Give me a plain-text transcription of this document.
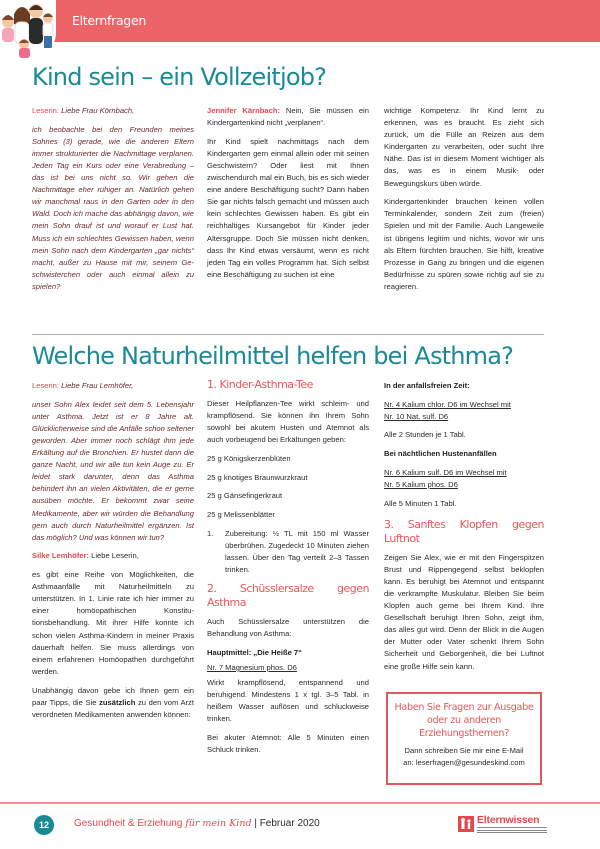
Elternfragen
Kind sein – ein Vollzeitjob?

Leserin: Liebe Frau Körnbach,

ich beobachte bei den Freunden meines Sohnes (3) gerade, wie die anderen Eltern immer strukturierter die Nachmittage verplanen. Jeden Tag ein Kurs oder eine Verabredung – das ist bei uns nicht so. Wir gehen die Nachmittage eher ruhiger an. Natürlich gehen wir manchmal raus in den Garten oder in den Wald. Doch ich mache das abhängig davon, wie mein Sohn drauf ist und worauf er Lust hat. Muss ich ein schlechtes Gewissen haben, wenn mein Sohn nach dem Kindergarten „gar nichts“ macht, außer zu Hause mit mir, seinem Geschwisterchen oder auch einmal allein zu spielen?

Jennifer Kärnbach: Nein, Sie müssen ein Kindergartenkind nicht „verplanen“.

Ihr Kind spielt nachmittags nach dem Kindergarten gern einmal allein oder mit seinen Geschwistern? Oder liest mit Ihnen zwischendurch mal ein Buch, bis es sich wieder eine andere Beschäftigung sucht? Dann haben Sie gar nichts falsch gemacht und müssen auch kein schlechtes Gewissen haben. Es gibt ein reichhaltiges Kursangebot für Kinder jeder Altersgruppe. Doch Sie müssen nicht denken, dass Ihr Kind etwas versäumt, wenn es nicht jeden Tag ein volles Programm hat. Sich selbst eine Beschäftigung zu suchen ist eine

wichtige Kompetenz. Ihr Kind lernt zu erkennen, was es braucht. Es zieht sich zurück, um die Fülle an Reizen aus dem Kindergarten zu verarbeiten, oder sucht Ihre Nähe. Das ist in diesem Moment wichtiger als das, was es in einem Musik- oder Bewegungskurs üben würde.

Kindergartenkinder brauchen keinen vollen Terminkalender, sondern Zeit zum (freien) Spielen und mit der Familie. Auch Langeweile ist übrigens legitim und nichts, wovor wir uns als Eltern fürchten brauchen. Sie hilft, kreative Prozesse in Gang zu bringen und die eigenen Bedürfnisse zu spüren sowie richtig auf sie zu reagieren.

Welche Naturheilmittel helfen bei Asthma?

Leserin: Liebe Frau Lemhöfer,

unser Sohn Alex leidet seit dem 5. Lebensjahr unter Asthma. Jetzt ist er 8 Jahre alt. Glücklicherweise sind die Anfälle schon seltener geworden. Aber immer noch schlägt ihm jede Erkältung auf die Bronchien. Er hustet dann die ganze Nacht, und wir alle tun kein Auge zu. Er leidet stark darunter, denn das Asthma behindert ihn an vielen Aktivitäten, die er gerne ausüben möchte. Er bekommt zwar seine Medikamente, aber wir würden die Behandlung gern auch durch Naturheilmittel ergänzen. Ist das möglich? Und was können wir tun?

Silke Lemhöfer: Liebe Leserin,

es gibt eine Reihe von Möglichkeiten, die Asthmaanfälle mit Naturheilmitteln zu unterstützen. In 1. Linie rate ich hier immer zu einer homöopathischen Konstitutionsbehandlung. Mit ihrer Hilfe konnte ich schon vielen Asthma-Kindern in meiner Praxis dauerhaft helfen. Sie muss allerdings von einem erfahrenen Homöopathen durchgeführt werden.

Unabhängig davon gebe ich Ihnen gern ein paar Tipps, die Sie zusätzlich zu den vom Arzt verordneten Medikamenten anwenden können:

1. Kinder-Asthma-Tee

Dieser Heilpflanzen-Tee wirkt schleim- und krampflösend. Sie können ihn Ihrem Sohn sowohl bei akutem Husten und Atemnot als auch vorbeugend bei Erkältungen geben:

25 g Königskerzenblüten

25 g knotiges Braunwurzkraut

25 g Gänsefingerkraut

25 g Melissenblätter

1.	Zubereitung: ½ TL mit 150 ml Wasser überbrühen. Zugedeckt 10 Minuten ziehen lassen. Über den Tag verteilt 2–3 Tassen trinken.
2. Schüsslersalze gegen Asthma

Auch Schüsslersalze unterstützen die Behandlung von Asthma:

Hauptmittel: „Die Heiße 7“

Nr. 7 Magnesium phos. D6

Wirkt krampflösend, entspannend und beruhigend. Mindestens 1 x tgl. 3–5 Tabl. in heißem Wasser auflösen und schluckweise trinken.

Bei akuter Atemnot: Alle 5 Minuten einen Schluck trinken.

In der anfallsfreien Zeit:

Nr. 4 Kalium chlor. D6 im Wechsel mit

Nr. 10 Nat. sulf. D6

Alle 2 Stunden je 1 Tabl.

Bei nächtlichen Hustenanfällen

Nr. 6 Kalium sulf. D6 im Wechsel mit

Nr. 5 Kalium phos. D6

Alle 5 Minuten 1 Tabl.

3. Sanftes Klopfen gegen Luftnot

Zeigen Sie Alex, wie er mit den Fingerspitzen Brust und Rippengegend selbst beklopfen kann. Es beruhigt bei Atemnot und entspannt die verkrampfte Muskulatur. Bleiben Sie beim Klopfen auch gerne bei Ihrem Kind. Ihre Gesellschaft beruhigt Ihren Sohn, zeigt ihm, das alles gut wird. Denn der Blick in die Augen der Mutter oder Vater schenkt Ihrem Sohn Sicherheit und Geborgenheit, die bei Luftnot eine große Hilfe sein kann.

Haben Sie Fragen zur Ausgabe
oder zu anderen
Erziehungsthemen?
Dann schreiben Sie mir eine E-Mail
an: leserfragen@gesundeskind.com
12	Gesundheit & Erziehung für mein Kind | Februar 2020	Elternwissen
